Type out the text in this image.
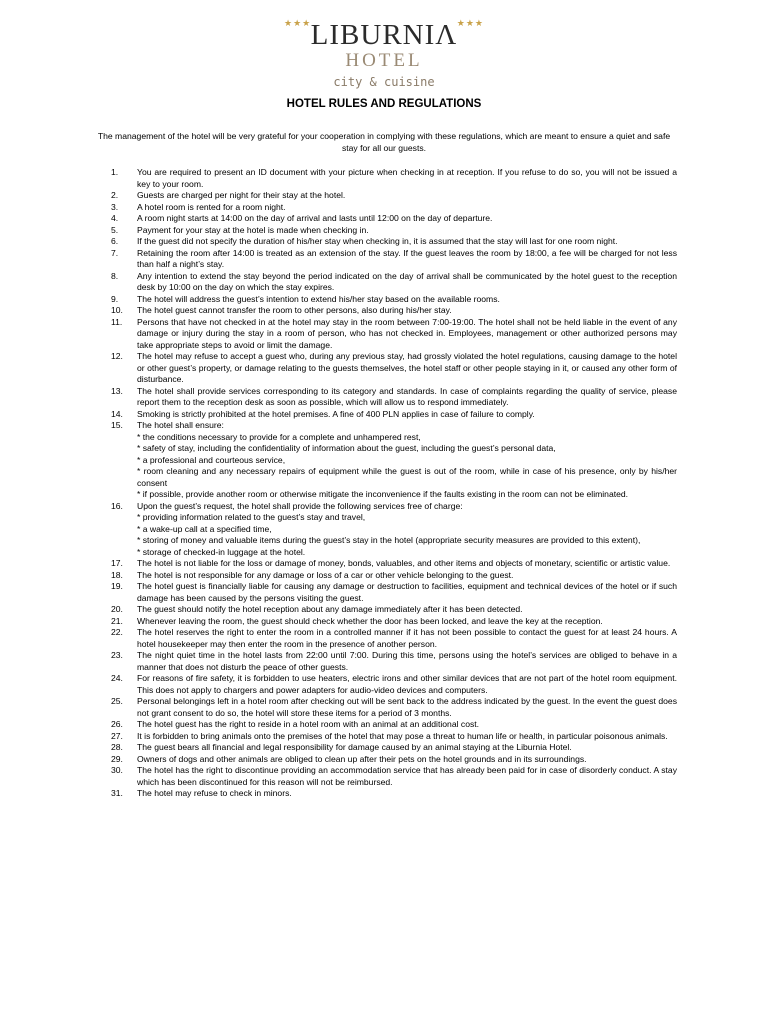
★★★	★★★
LIBURNIΛ
HOTEL
city & cuisine
HOTEL RULES AND REGULATIONS
The management of the hotel will be very grateful for your cooperation in complying with these regulations, which are meant to ensure a quiet and safe stay for all our guests.
1.	You are required to present an ID document with your picture when checking in at reception. If you refuse to do so, you will not be issued a key to your room.
2.	Guests are charged per night for their stay at the hotel.
3.	A hotel room is rented for a room night.
4.	A room night starts at 14:00 on the day of arrival and lasts until 12:00 on the day of departure.
5.	Payment for your stay at the hotel is made when checking in.
6.	If the guest did not specify the duration of his/her stay when checking in, it is assumed that the stay will last for one room night.
7.	Retaining the room after 14:00 is treated as an extension of the stay. If the guest leaves the room by 18:00, a fee will be charged for not less than half a night’s stay.
8.	Any intention to extend the stay beyond the period indicated on the day of arrival shall be communicated by the hotel guest to the reception desk by 10:00 on the day on which the stay expires.
9.	The hotel will address the guest’s intention to extend his/her stay based on the available rooms.
10.	The hotel guest cannot transfer the room to other persons, also during his/her stay.
11.	Persons that have not checked in at the hotel may stay in the room between 7:00-19:00. The hotel shall not be held liable in the event of any damage or injury during the stay in a room of person, who has not checked in. Employees, management or other authorized persons may take appropriate steps to avoid or limit the damage.
12.	The hotel may refuse to accept a guest who, during any previous stay, had grossly violated the hotel regulations, causing damage to the hotel or other guest’s property, or damage relating to the guests themselves, the hotel staff or other people staying in it, or caused any other form of disturbance.
13.	The hotel shall provide services corresponding to its category and standards. In case of complaints regarding the quality of service, please report them to the reception desk as soon as possible, which will allow us to respond immediately.
14.	Smoking is strictly prohibited at the hotel premises. A fine of 400 PLN applies in case of failure to comply.
15.	The hotel shall ensure:
* the conditions necessary to provide for a complete and unhampered rest,
* safety of stay, including the confidentiality of information about the guest, including the guest’s personal data,
* a professional and courteous service,
* room cleaning and any necessary repairs of equipment while the guest is out of the room, while in case of his presence, only by his/her consent
* if possible, provide another room or otherwise mitigate the inconvenience if the faults existing in the room can not be eliminated.
16.	Upon the guest’s request, the hotel shall provide the following services free of charge:
* providing information related to the guest’s stay and travel,
* a wake-up call at a specified time,
* storing of money and valuable items during the guest’s stay in the hotel (appropriate security measures are provided to this extent),
* storage of checked-in luggage at the hotel.
17.	The hotel is not liable for the loss or damage of money, bonds, valuables, and other items and objects of monetary, scientific or artistic value.
18.	The hotel is not responsible for any damage or loss of a car or other vehicle belonging to the guest.
19.	The hotel guest is financially liable for causing any damage or destruction to facilities, equipment and technical devices of the hotel or if such damage has been caused by the persons visiting the guest.
20.	The guest should notify the hotel reception about any damage immediately after it has been detected.
21.	Whenever leaving the room, the guest should check whether the door has been locked, and leave the key at the reception.
22.	The hotel reserves the right to enter the room in a controlled manner if it has not been possible to contact the guest for at least 24 hours. A hotel housekeeper may then enter the room in the presence of another person.
23.	The night quiet time in the hotel lasts from 22:00 until 7:00. During this time, persons using the hotel’s services are obliged to behave in a manner that does not disturb the peace of other guests.
24.	For reasons of fire safety, it is forbidden to use heaters, electric irons and other similar devices that are not part of the hotel room equipment. This does not apply to chargers and power adapters for audio-video devices and computers.
25.	Personal belongings left in a hotel room after checking out will be sent back to the address indicated by the guest. In the event the guest does not grant consent to do so, the hotel will store these items for a period of 3 months.
26.	The hotel guest has the right to reside in a hotel room with an animal at an additional cost.
27.	It is forbidden to bring animals onto the premises of the hotel that may pose a threat to human life or health, in particular poisonous animals.
28.	The guest bears all financial and legal responsibility for damage caused by an animal staying at the Liburnia Hotel.
29.	Owners of dogs and other animals are obliged to clean up after their pets on the hotel grounds and in its surroundings.
30.	The hotel has the right to discontinue providing an accommodation service that has already been paid for in case of disorderly conduct. A stay which has been discontinued for this reason will not be reimbursed.
31.	The hotel may refuse to check in minors.
